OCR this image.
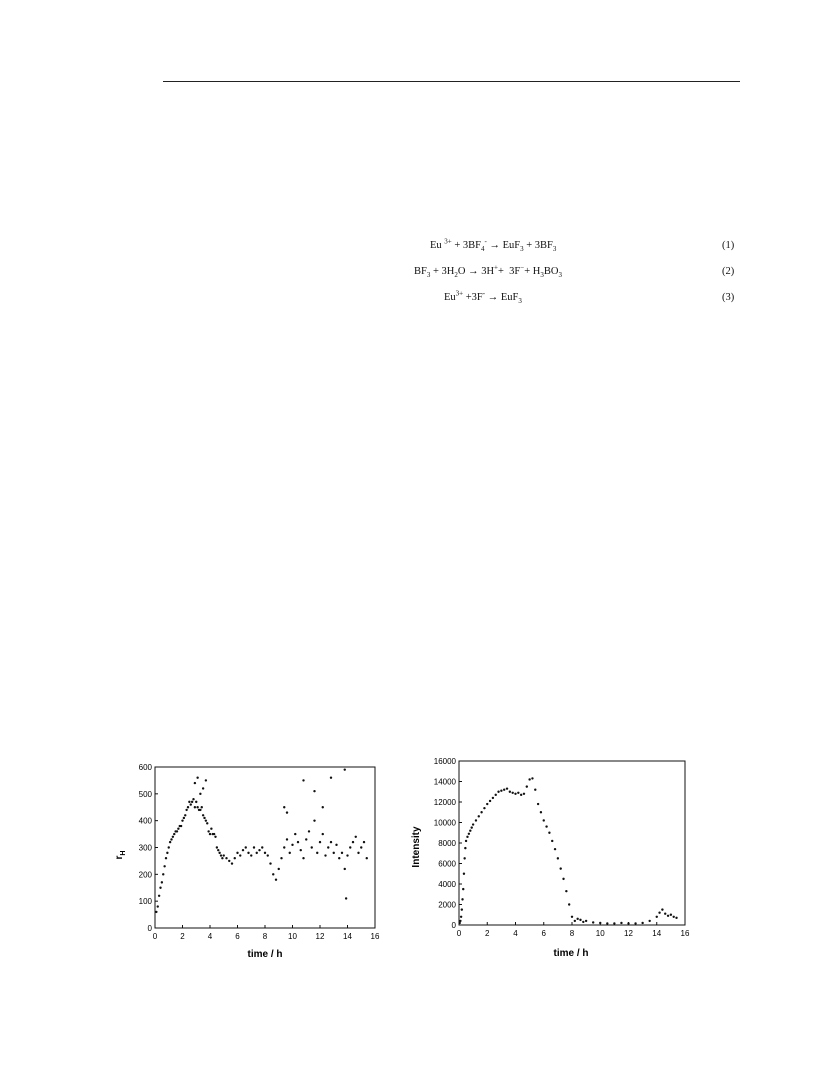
Eu $^{3+} + 3BF_4^- \to EuF_3 + 3BF_3$	(1)
$BF_3 + 3H_2O \to 3H^++ 3F^-+ H_3BO_3$	(2)
$Eu^{3+} +3F^- \to EuF_3$	(3)
0	2	4	6	8	10 12 14 16
0
100
200
300
400
500
600
time / h
$r_H$
0	2	4	6	8	10 12 14 16
0
2000
4000
6000
8000
10000
12000
14000
16000
time / h
Intensity
